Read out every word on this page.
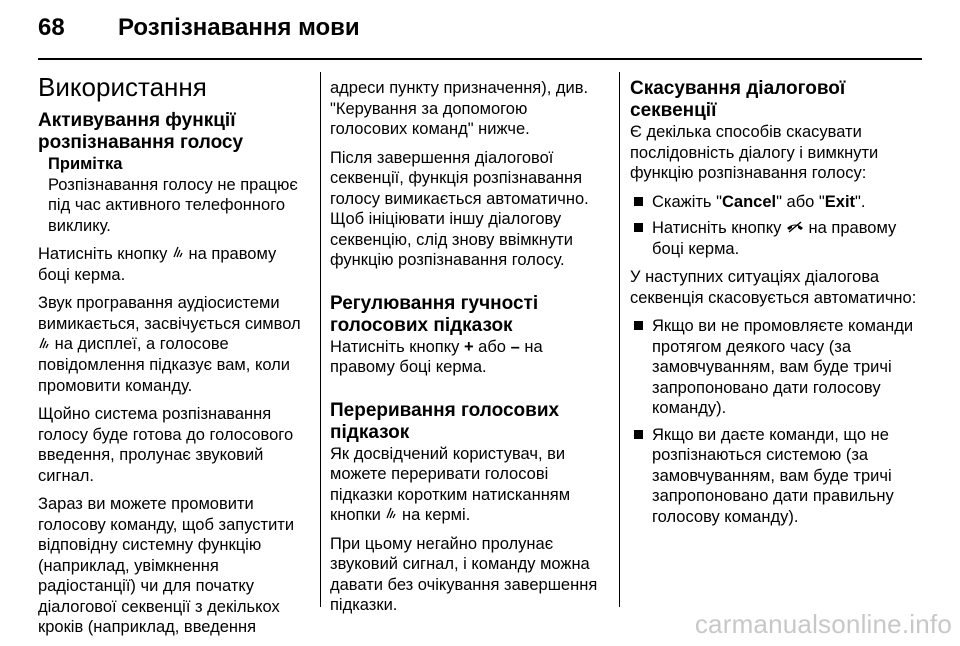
68 Розпізнавання мови
Використання
Активування функції розпізнавання голосу
Примітка
Розпізнавання голосу не працює під час активного телефонного виклику.

Натисніть кнопку  на правому боці керма.

Звук програвання аудіосистеми вимикається, засвічується символ  на дисплеї, а голосове повідомлення підказує вам, коли промовити команду.

Щойно система розпізнавання голосу буде готова до голосового введення, пролунає звуковий сигнал.

Зараз ви можете промовити голосову команду, щоб запустити відповідну системну функцію (наприклад, увімкнення радіостанції) чи для початку діалогової секвенції з декількох кроків (наприклад, введення

адреси пункту призначення), див. "Керування за допомогою голосових команд" нижче.

Після завершення діалогової секвенції, функція розпізнавання голосу вимикається автоматично. Щоб ініціювати іншу діалогову секвенцію, слід знову ввімкнути функцію розпізнавання голосу.

Регулювання гучності голосових підказок

Натисніть кнопку + або – на правому боці керма.

Переривання голосових підказок

Як досвідчений користувач, ви можете переривати голосові підказки коротким натисканням кнопки  на кермі.

При цьому негайно пролунає звуковий сигнал, і команду можна давати без очікування завершення підказки.

Скасування діалогової секвенції

Є декілька способів скасувати послідовність діалогу і вимкнути функцію розпізнавання голосу:

Скажіть "Cancel" або "Exit".
Натисніть кнопку  на правому боці керма.

У наступних ситуаціях діалогова секвенція скасовується автоматично:

Якщо ви не промовляєте команди протягом деякого часу (за замовчуванням, вам буде тричі запропоновано дати голосову команду).
Якщо ви даєте команди, що не розпізнаються системою (за замовчуванням, вам буде тричі запропоновано дати правильну голосову команду).
carmanualsonline.info
